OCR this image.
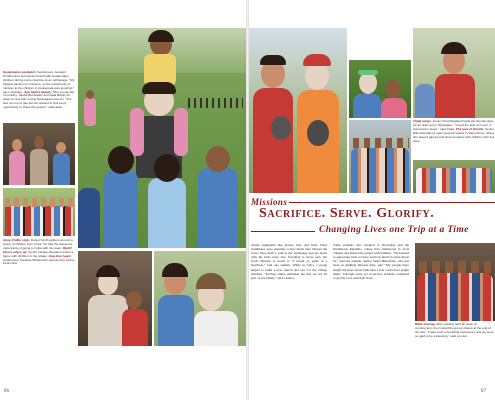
Guatemalan sandwich. Sophomore Jessalyn Prudhomme surrounds herself with Guatemalan children during some playtime at an orphanage. "My biggest passion is missions, so the opportunity to minister to the children in Guatemala was amazing," says Jessalyn. Age before beauty. After a long day of ministry, Sasha Benavidez and Jada Banks sit down to rest with a local Nicaraguan woman. "Our feet ran out of gas but we wanted to find every opportunity to share the gospel," said Jada.
Anne Chiller style. Daniel Smith gathers around a group of children from Cuba. He had the awesome opportunity of going to Cuba with the team. Right! Here's who's up. Senior Lindsey Benjamin plays a game with children in the village. Hug time hugs! Sophomore Carolina Whitesmith spends time with a local child.
86
Triple wings. Junior Chad Ragland holds the favorite glow for an older girl in Nicaragua. "I loved the kids so much, it was hard to leave," said Chad. The love of friends. Senior Marcella Ramos spent several weeks in Sapo Pinos, where she played games and shared stories with children who live there.
Missions
Sacrifice. Serve. Glorify.
Changing Lives one Trip at a Time
donate equipment like gloves, bats, and balls. Their teammates were amazing at how much they blessed the town. They built a wall in the orphanage and ate lunch with the kids every day. Traveling is never easy but God's mission is worth it. "I would go again in a heartbeat," said one student. While in Cuba, a group helped to build a new church and care for the village children. "Serving others reminded me that we are all part of one family," said a senior.
Some students also traveled to Nicaragua and the Dominican Republic, where they ministered in local villages and shared the gospel with families. "We learned to appreciate what we have and how much God has given us," said one student. Senior Sasha Benavidez, who has been on multiple mission trips, said "The people there taught me more about faith than I ever could have taught them." Through every act of service, students continued to glorify God with their lives.
Bible sharing. After reading hard all week on construction, the Costa Rica group shares at the end of the day. "It was such a humbling experience and we were so glad to be a blessing," said a junior.
87
